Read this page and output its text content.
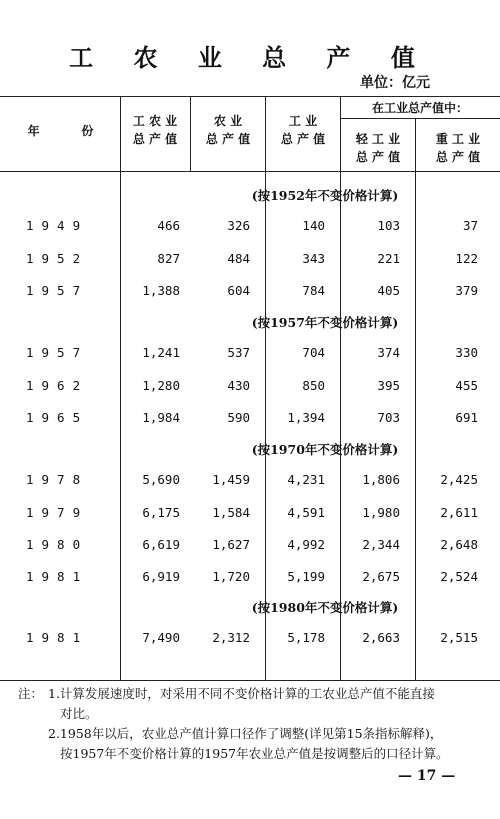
工 农 业 总 产 值
单位：亿元
年          份
工 农 业
总 产 值
农 业
总 产 值
工 业
总 产 值
在工业总产值中：
轻 工 业
总 产 值
重 工 业
总 产 值
(按1952年不变价格计算)
1949	466	326	140	103	37
1952	827	484	343	221	122
1957	1,388	604	784	405	379
(按1957年不变价格计算)
1957	1,241	537	704	374	330
1962	1,280	430	850	395	455
1965	1,984	590	1,394	703	691
(按1970年不变价格计算)
1978	5,690	1,459	4,231	1,806	2,425
1979	6,175	1,584	4,591	1,980	2,611
1980	6,619	1,627	4,992	2,344	2,648
1981	6,919	1,720	5,199	2,675	2,524
(按1980年不变价格计算)
1981	7,490	2,312	5,178	2,663	2,515
注： 1.计算发展速度时，对采用不同不变价格计算的工农业总产值不能直接
对比。
2.1958年以后，农业总产值计算口径作了调整(详见第15条指标解释)，
按1957年不变价格计算的1957年农业总产值是按调整后的口径计算。
— 17 —
